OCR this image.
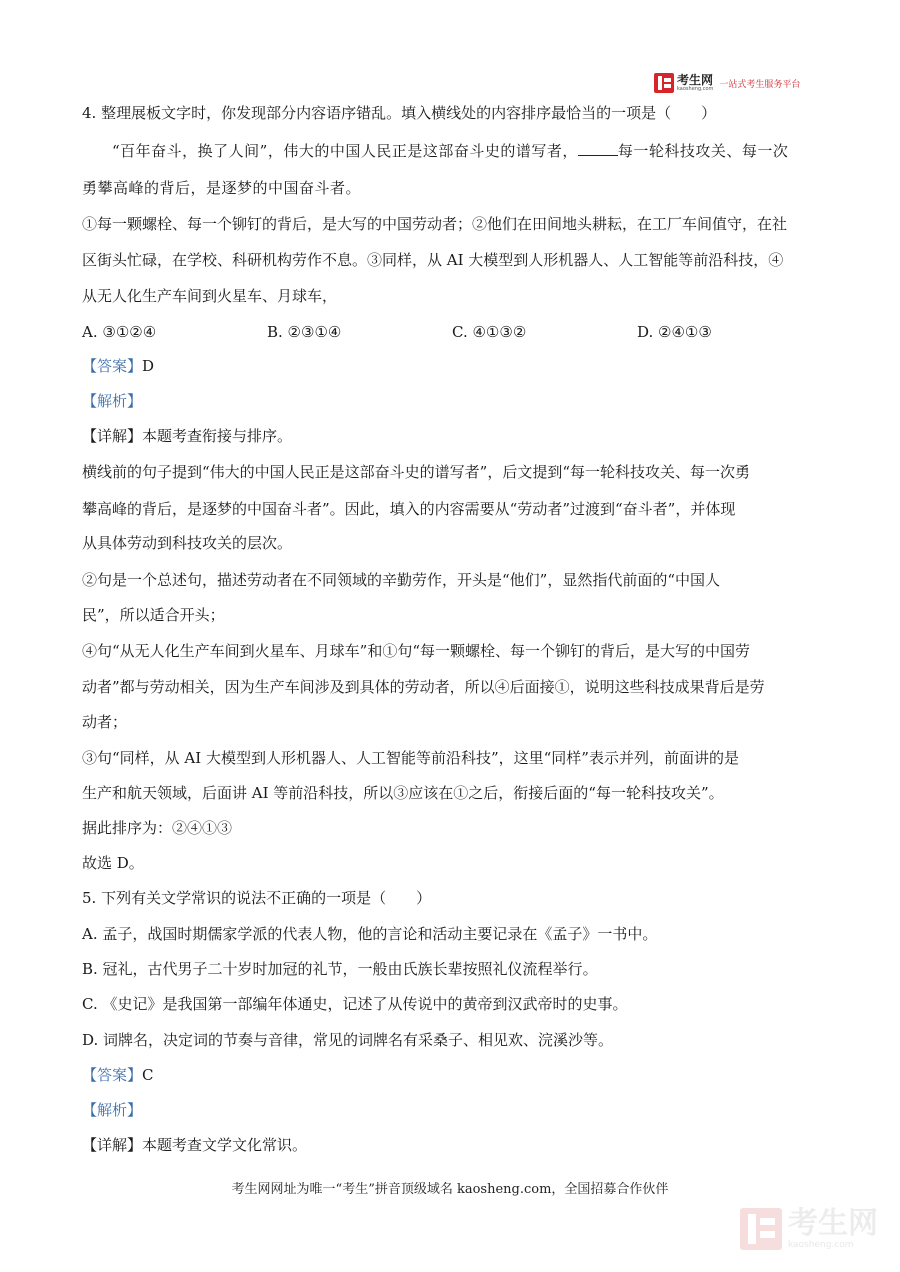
考生网
kaosheng.com 一站式考生服务平台
4. 整理展板文字时，你发现部分内容语序错乱。填入横线处的内容排序最恰当的一项是（　　）
“百年奋斗，换了人间”，伟大的中国人民正是这部奋斗史的谱写者，	每一轮科技攻关、每一次
勇攀高峰的背后，是逐梦的中国奋斗者。
①每一颗螺栓、每一个铆钉的背后，是大写的中国劳动者；②他们在田间地头耕耘，在工厂车间值守，在社
区街头忙碌，在学校、科研机构劳作不息。③同样，从 AI 大模型到人形机器人、人工智能等前沿科技，④
从无人化生产车间到火星车、月球车，
A. ③①②④	B. ②③①④	C. ④①③②	D. ②④①③
【答案】D
【解析】
【详解】本题考查衔接与排序。
横线前的句子提到“伟大的中国人民正是这部奋斗史的谱写者”，后文提到“每一轮科技攻关、每一次勇
攀高峰的背后，是逐梦的中国奋斗者”。因此，填入的内容需要从“劳动者”过渡到“奋斗者”，并体现
从具体劳动到科技攻关的层次。
②句是一个总述句，描述劳动者在不同领域的辛勤劳作，开头是“他们”，显然指代前面的“中国人
民”，所以适合开头；
④句“从无人化生产车间到火星车、月球车”和①句“每一颗螺栓、每一个铆钉的背后，是大写的中国劳
动者”都与劳动相关，因为生产车间涉及到具体的劳动者，所以④后面接①，说明这些科技成果背后是劳
动者；
③句“同样，从 AI 大模型到人形机器人、人工智能等前沿科技”，这里“同样”表示并列，前面讲的是
生产和航天领域，后面讲 AI 等前沿科技，所以③应该在①之后，衔接后面的“每一轮科技攻关”。
据此排序为：②④①③
故选 D。
5. 下列有关文学常识的说法不正确的一项是（　　）
A. 孟子，战国时期儒家学派的代表人物，他的言论和活动主要记录在《孟子》一书中。
B. 冠礼，古代男子二十岁时加冠的礼节，一般由氏族长辈按照礼仪流程举行。
C. 《史记》是我国第一部编年体通史，记述了从传说中的黄帝到汉武帝时的史事。
D. 词牌名，决定词的节奏与音律，常见的词牌名有采桑子、相见欢、浣溪沙等。
【答案】C
【解析】
【详解】本题考查文学文化常识。
考生网网址为唯一“考生”拼音顶级域名 kaosheng.com，全国招募合作伙伴
考生网
kaosheng.com
